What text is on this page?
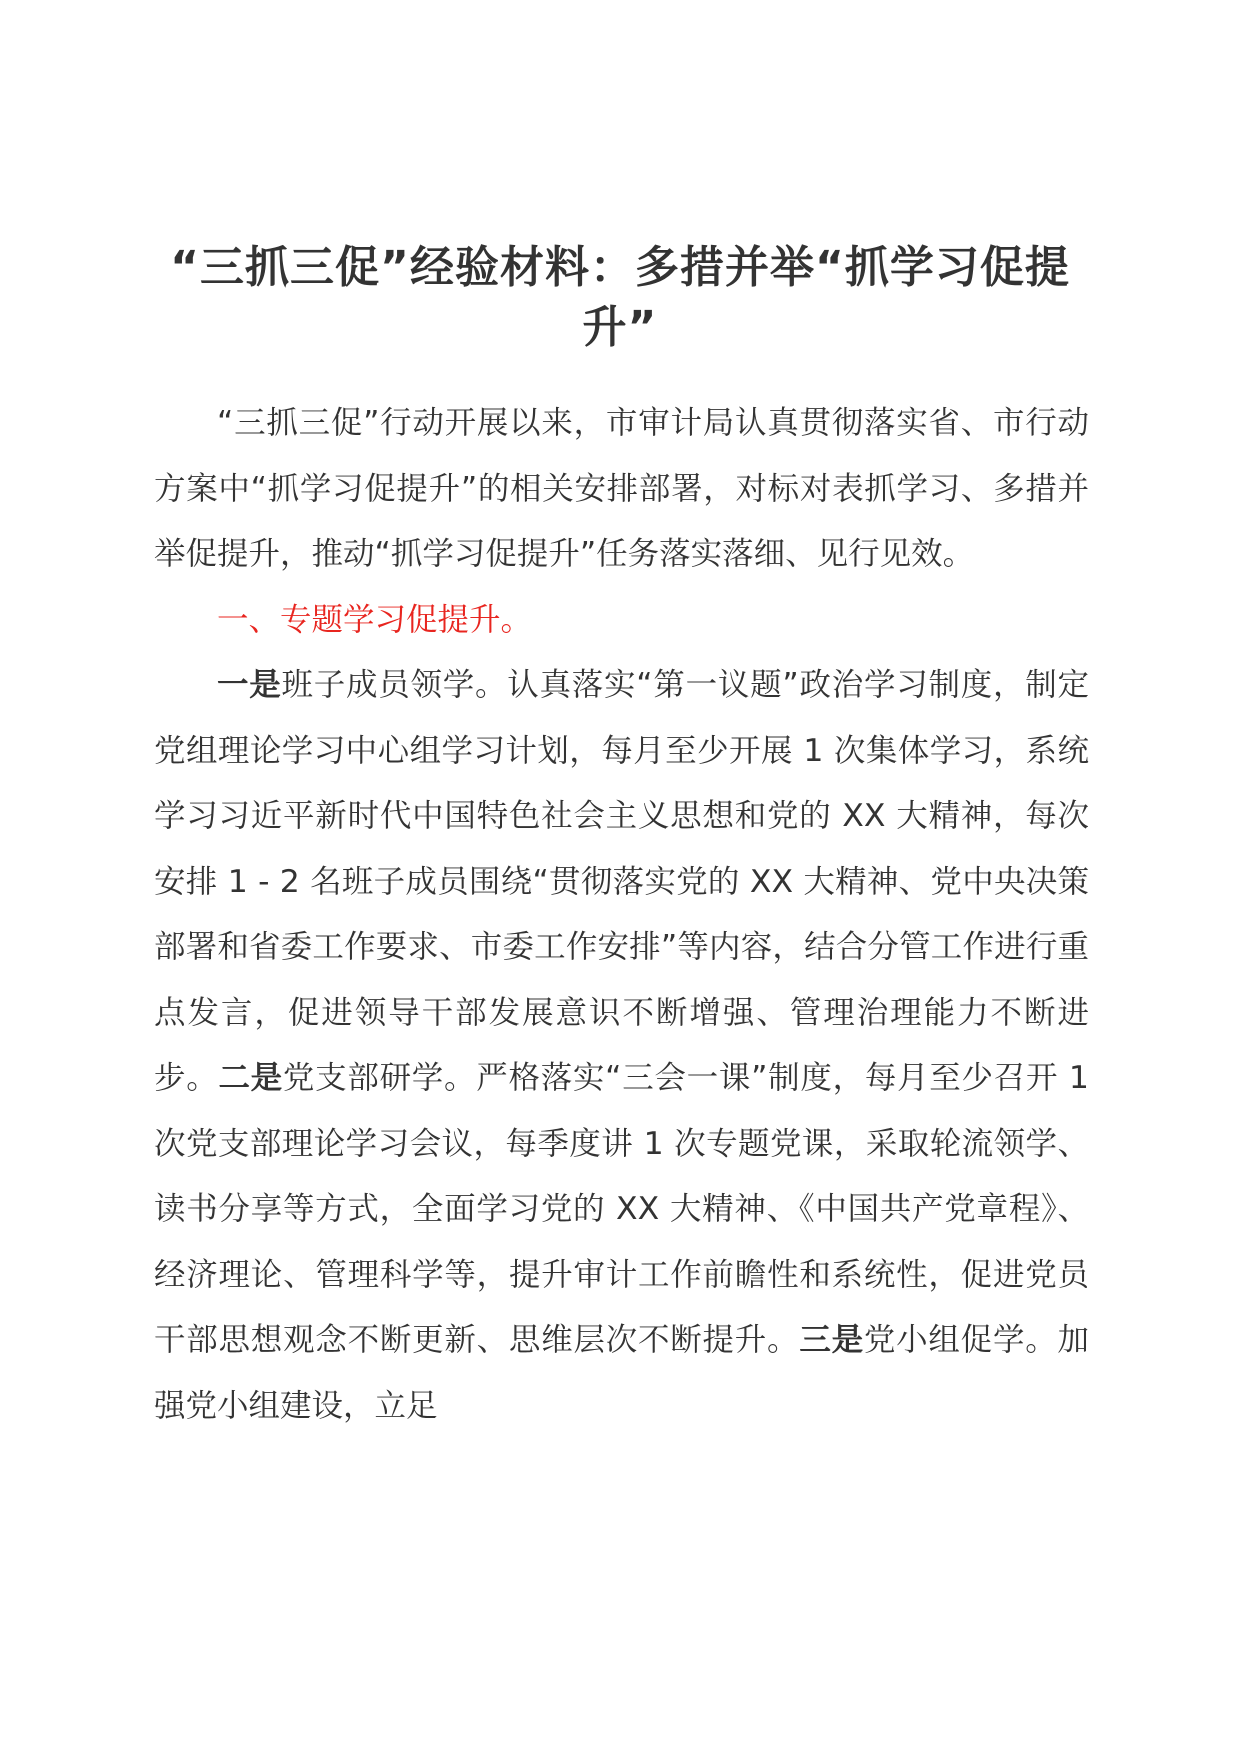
“三抓三促”经验材料：多措并举“抓学习促提升”

“三抓三促”行动开展以来，市审计局认真贯彻落实省、市行动方案中“抓学习促提升”的相关安排部署，对标对表抓学习、多措并举促提升，推动“抓学习促提升”任务落实落细、见行见效。

一、专题学习促提升。

一是班子成员领学。认真落实“第一议题”政治学习制度，制定党组理论学习中心组学习计划，每月至少开展 1 次集体学习，系统学习习近平新时代中国特色社会主义思想和党的 XX 大精神，每次安排 1 - 2 名班子成员围绕“贯彻落实党的 XX 大精神、党中央决策部署和省委工作要求、市委工作安排”等内容，结合分管工作进行重点发言，促进领导干部发展意识不断增强、管理治理能力不断进步。二是党支部研学。严格落实“三会一课”制度，每月至少召开 1 次党支部理论学习会议，每季度讲 1 次专题党课，采取轮流领学、读书分享等方式，全面学习党的 XX 大精神、《中国共产党章程》、经济理论、管理科学等，提升审计工作前瞻性和系统性，促进党员干部思想观念不断更新、思维层次不断提升。三是党小组促学。加强党小组建设，立足
